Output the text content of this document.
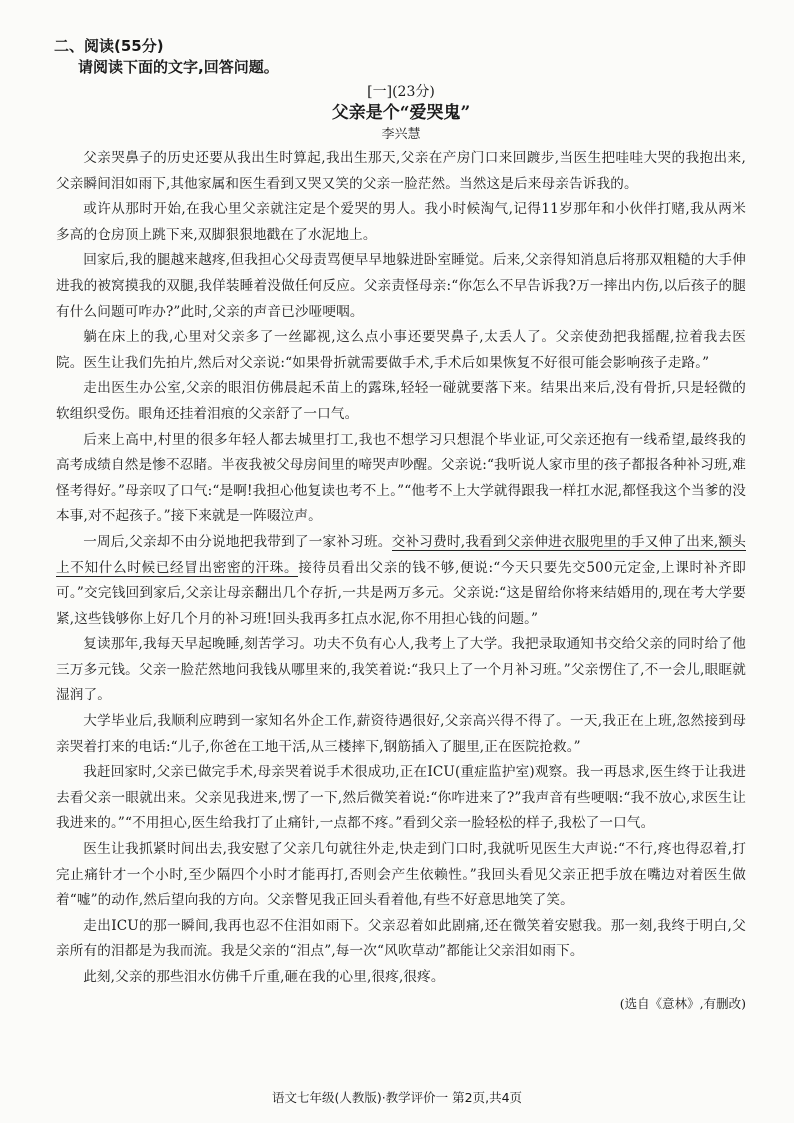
二、阅读(55分)
请阅读下面的文字,回答问题。
[一](23分)
父亲是个“爱哭鬼”
李兴慧

父亲哭鼻子的历史还要从我出生时算起,我出生那天,父亲在产房门口来回踱步,当医生把哇哇大哭的我抱出来,父亲瞬间泪如雨下,其他家属和医生看到又哭又笑的父亲一脸茫然。当然这是后来母亲告诉我的。

或许从那时开始,在我心里父亲就注定是个爱哭的男人。我小时候淘气,记得11岁那年和小伙伴打赌,我从两米多高的仓房顶上跳下来,双脚狠狠地戳在了水泥地上。

回家后,我的腿越来越疼,但我担心父母责骂便早早地躲进卧室睡觉。后来,父亲得知消息后将那双粗糙的大手伸进我的被窝摸我的双腿,我佯装睡着没做任何反应。父亲责怪母亲:“你怎么不早告诉我?万一摔出内伤,以后孩子的腿有什么问题可咋办?”此时,父亲的声音已沙哑哽咽。

躺在床上的我,心里对父亲多了一丝鄙视,这么点小事还要哭鼻子,太丢人了。父亲使劲把我摇醒,拉着我去医院。医生让我们先拍片,然后对父亲说:“如果骨折就需要做手术,手术后如果恢复不好很可能会影响孩子走路。”

走出医生办公室,父亲的眼泪仿佛晨起禾苗上的露珠,轻轻一碰就要落下来。结果出来后,没有骨折,只是轻微的软组织受伤。眼角还挂着泪痕的父亲舒了一口气。

后来上高中,村里的很多年轻人都去城里打工,我也不想学习只想混个毕业证,可父亲还抱有一线希望,最终我的高考成绩自然是惨不忍睹。半夜我被父母房间里的啼哭声吵醒。父亲说:“我听说人家市里的孩子都报各种补习班,难怪考得好。”母亲叹了口气:“是啊!我担心他复读也考不上。”“他考不上大学就得跟我一样扛水泥,都怪我这个当爹的没本事,对不起孩子。”接下来就是一阵啜泣声。

一周后,父亲却不由分说地把我带到了一家补习班。交补习费时,我看到父亲伸进衣服兜里的手又伸了出来,额头上不知什么时候已经冒出密密的汗珠。接待员看出父亲的钱不够,便说:“今天只要先交500元定金,上课时补齐即可。”交完钱回到家后,父亲让母亲翻出几个存折,一共是两万多元。父亲说:“这是留给你将来结婚用的,现在考大学要紧,这些钱够你上好几个月的补习班!回头我再多扛点水泥,你不用担心钱的问题。”

复读那年,我每天早起晚睡,刻苦学习。功夫不负有心人,我考上了大学。我把录取通知书交给父亲的同时给了他三万多元钱。父亲一脸茫然地问我钱从哪里来的,我笑着说:“我只上了一个月补习班。”父亲愣住了,不一会儿,眼眶就湿润了。

大学毕业后,我顺利应聘到一家知名外企工作,薪资待遇很好,父亲高兴得不得了。一天,我正在上班,忽然接到母亲哭着打来的电话:“儿子,你爸在工地干活,从三楼摔下,钢筋插入了腿里,正在医院抢救。”

我赶回家时,父亲已做完手术,母亲哭着说手术很成功,正在ICU(重症监护室)观察。我一再恳求,医生终于让我进去看父亲一眼就出来。父亲见我进来,愣了一下,然后微笑着说:“你咋进来了?”我声音有些哽咽:“我不放心,求医生让我进来的。”“不用担心,医生给我打了止痛针,一点都不疼。”看到父亲一脸轻松的样子,我松了一口气。

医生让我抓紧时间出去,我安慰了父亲几句就往外走,快走到门口时,我就听见医生大声说:“不行,疼也得忍着,打完止痛针才一个小时,至少隔四个小时才能再打,否则会产生依赖性。”我回头看见父亲正把手放在嘴边对着医生做着“嘘”的动作,然后望向我的方向。父亲瞥见我正回头看着他,有些不好意思地笑了笑。

走出ICU的那一瞬间,我再也忍不住泪如雨下。父亲忍着如此剧痛,还在微笑着安慰我。那一刻,我终于明白,父亲所有的泪都是为我而流。我是父亲的“泪点”,每一次“风吹草动”都能让父亲泪如雨下。

此刻,父亲的那些泪水仿佛千斤重,砸在我的心里,很疼,很疼。

(选自《意林》,有删改)
语文七年级(人教版)·教学评价一 第2页,共4页
